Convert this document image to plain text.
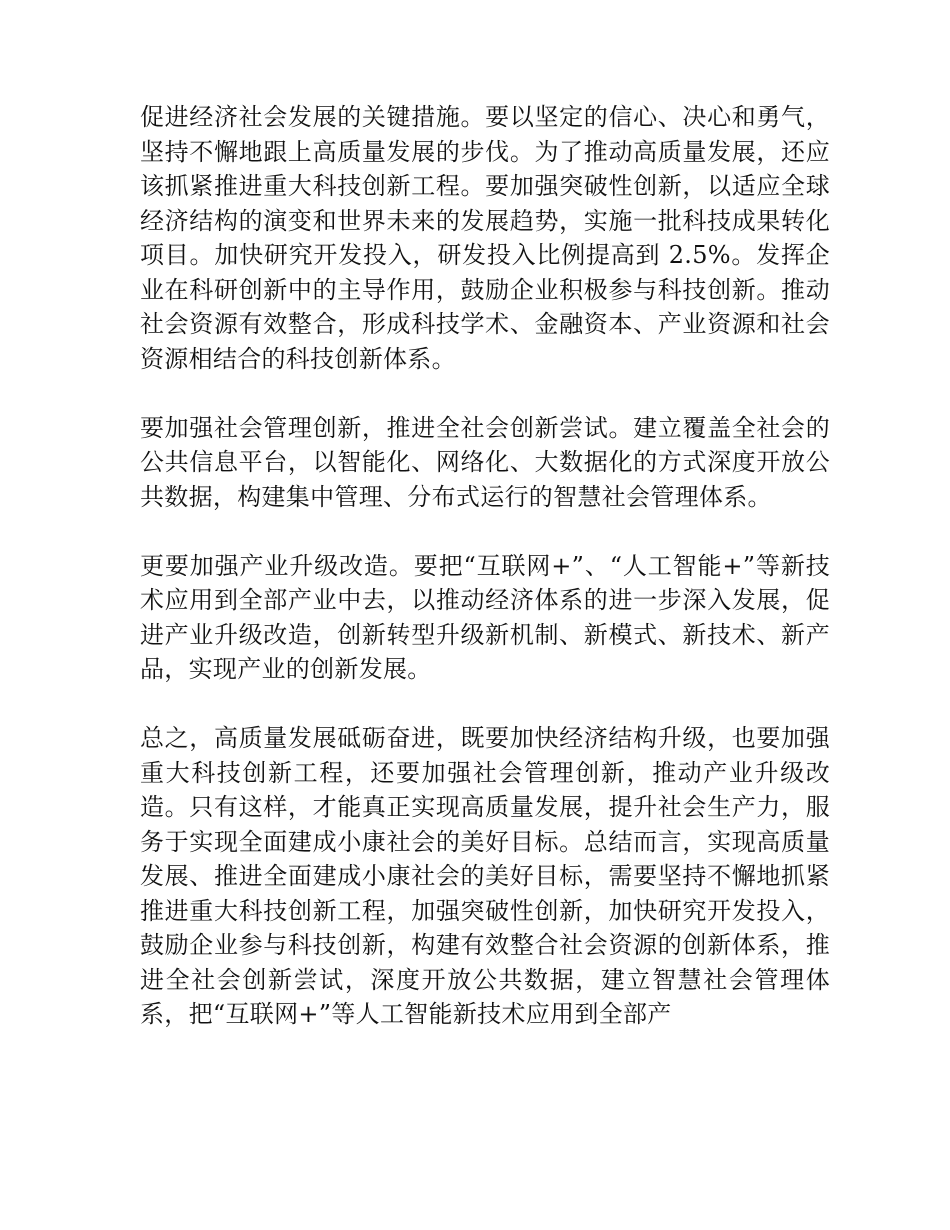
促进经济社会发展的关键措施。要以坚定的信心、决心和勇气，坚持不懈地跟上高质量发展的步伐。为了推动高质量发展，还应该抓紧推进重大科技创新工程。要加强突破性创新，以适应全球经济结构的演变和世界未来的发展趋势，实施一批科技成果转化项目。加快研究开发投入，研发投入比例提高到 2.5%。发挥企业在科研创新中的主导作用，鼓励企业积极参与科技创新。推动社会资源有效整合，形成科技学术、金融资本、产业资源和社会资源相结合的科技创新体系。

要加强社会管理创新，推进全社会创新尝试。建立覆盖全社会的公共信息平台，以智能化、网络化、大数据化的方式深度开放公共数据，构建集中管理、分布式运行的智慧社会管理体系。

更要加强产业升级改造。要把“互联网+”、“人工智能+”等新技术应用到全部产业中去，以推动经济体系的进一步深入发展，促进产业升级改造，创新转型升级新机制、新模式、新技术、新产品，实现产业的创新发展。

总之，高质量发展砥砺奋进，既要加快经济结构升级，也要加强重大科技创新工程，还要加强社会管理创新，推动产业升级改造。只有这样，才能真正实现高质量发展，提升社会生产力，服务于实现全面建成小康社会的美好目标。总结而言，实现高质量发展、推进全面建成小康社会的美好目标，需要坚持不懈地抓紧推进重大科技创新工程，加强突破性创新，加快研究开发投入，鼓励企业参与科技创新，构建有效整合社会资源的创新体系，推进全社会创新尝试，深度开放公共数据，建立智慧社会管理体系，把“互联网+”等人工智能新技术应用到全部产
